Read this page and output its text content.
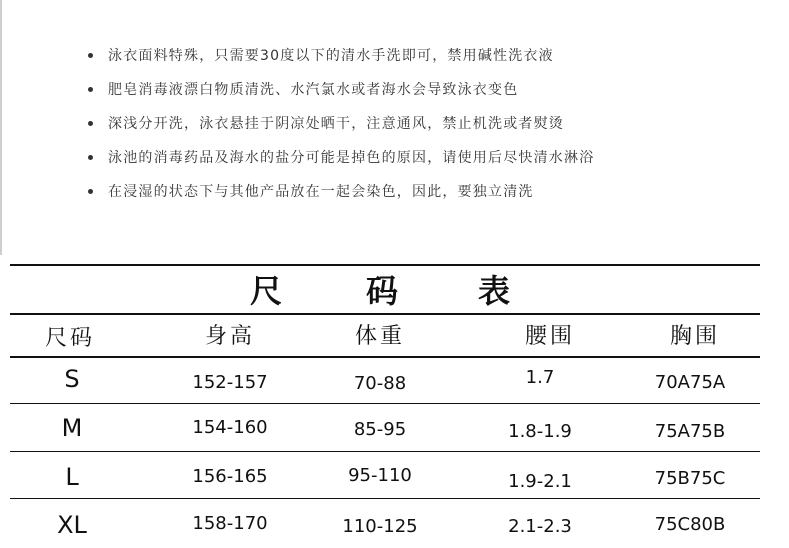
泳衣面料特殊，只需要30度以下的清水手洗即可，禁用碱性洗衣液
肥皂消毒液漂白物质清洗、水汽氯水或者海水会导致泳衣变色
深浅分开洗，泳衣悬挂于阴凉处晒干，注意通风，禁止机洗或者熨烫
泳池的消毒药品及海水的盐分可能是掉色的原因，请使用后尽快清水淋浴
在浸湿的状态下与其他产品放在一起会染色，因此，要独立清洗
尺	码 表
尺码	身高	体重	腰围	胸围
S	152-157	70-88	1.7	70A75A
M	154-160	85-95	1.8-1.9	75A75B
L	156-165	95-110	1.9-2.1	75B75C
XL	158-170	110-125	2.1-2.3	75C80B
